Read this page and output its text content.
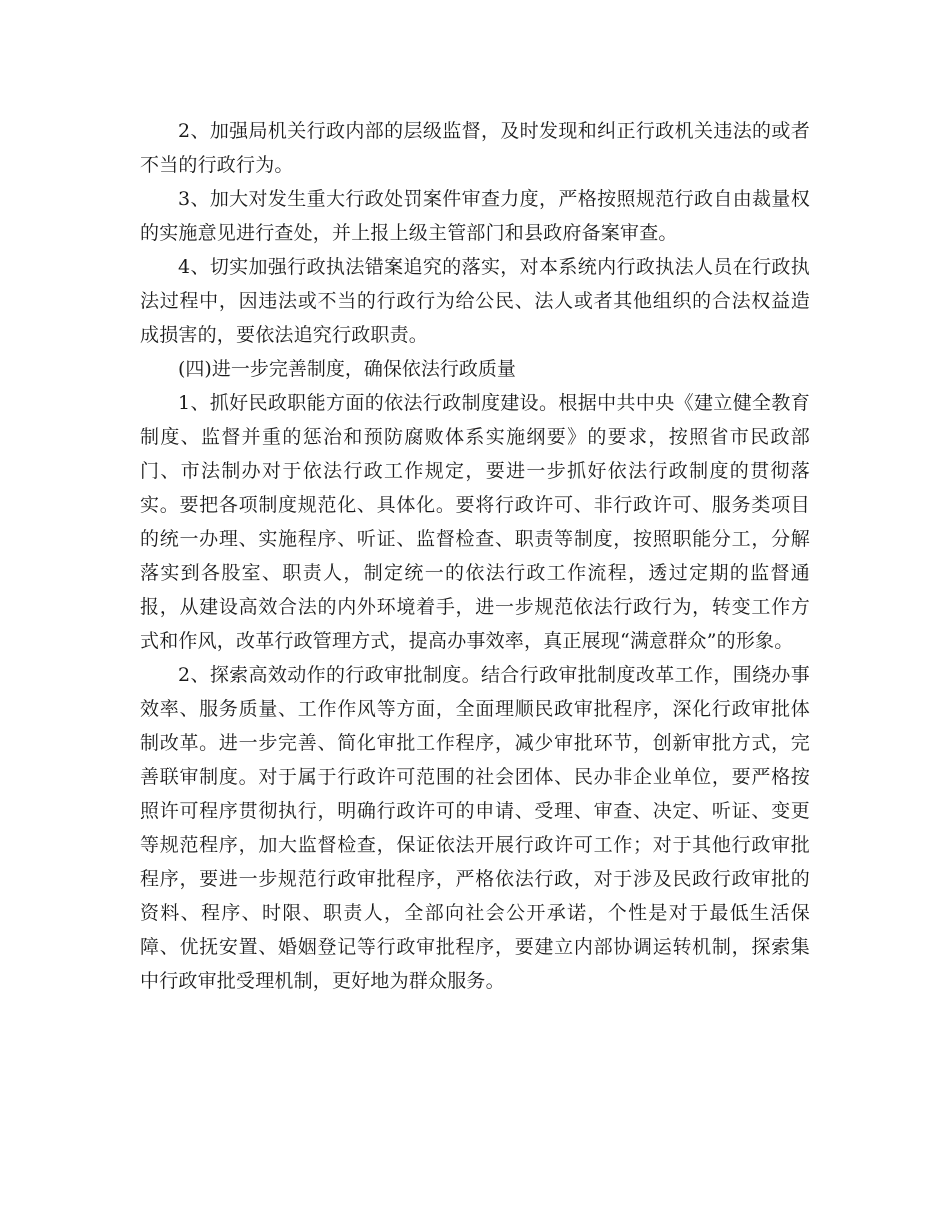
2、加强局机关行政内部的层级监督，及时发现和纠正行政机关违法的或者不当的行政行为。

3、加大对发生重大行政处罚案件审查力度，严格按照规范行政自由裁量权的实施意见进行查处，并上报上级主管部门和县政府备案审查。

4、切实加强行政执法错案追究的落实，对本系统内行政执法人员在行政执法过程中，因违法或不当的行政行为给公民、法人或者其他组织的合法权益造成损害的，要依法追究行政职责。

(四)进一步完善制度，确保依法行政质量

1、抓好民政职能方面的依法行政制度建设。根据中共中央《建立健全教育制度、监督并重的惩治和预防腐败体系实施纲要》的要求，按照省市民政部门、市法制办对于依法行政工作规定，要进一步抓好依法行政制度的贯彻落实。要把各项制度规范化、具体化。要将行政许可、非行政许可、服务类项目的统一办理、实施程序、听证、监督检查、职责等制度，按照职能分工，分解落实到各股室、职责人，制定统一的依法行政工作流程，透过定期的监督通报，从建设高效合法的内外环境着手，进一步规范依法行政行为，转变工作方式和作风，改革行政管理方式，提高办事效率，真正展现“满意群众”的形象。

2、探索高效动作的行政审批制度。结合行政审批制度改革工作，围绕办事效率、服务质量、工作作风等方面，全面理顺民政审批程序，深化行政审批体制改革。进一步完善、简化审批工作程序，减少审批环节，创新审批方式，完善联审制度。对于属于行政许可范围的社会团体、民办非企业单位，要严格按照许可程序贯彻执行，明确行政许可的申请、受理、审查、决定、听证、变更等规范程序，加大监督检查，保证依法开展行政许可工作；对于其他行政审批程序，要进一步规范行政审批程序，严格依法行政，对于涉及民政行政审批的资料、程序、时限、职责人，全部向社会公开承诺，个性是对于最低生活保障、优抚安置、婚姻登记等行政审批程序，要建立内部协调运转机制，探索集中行政审批受理机制，更好地为群众服务。
